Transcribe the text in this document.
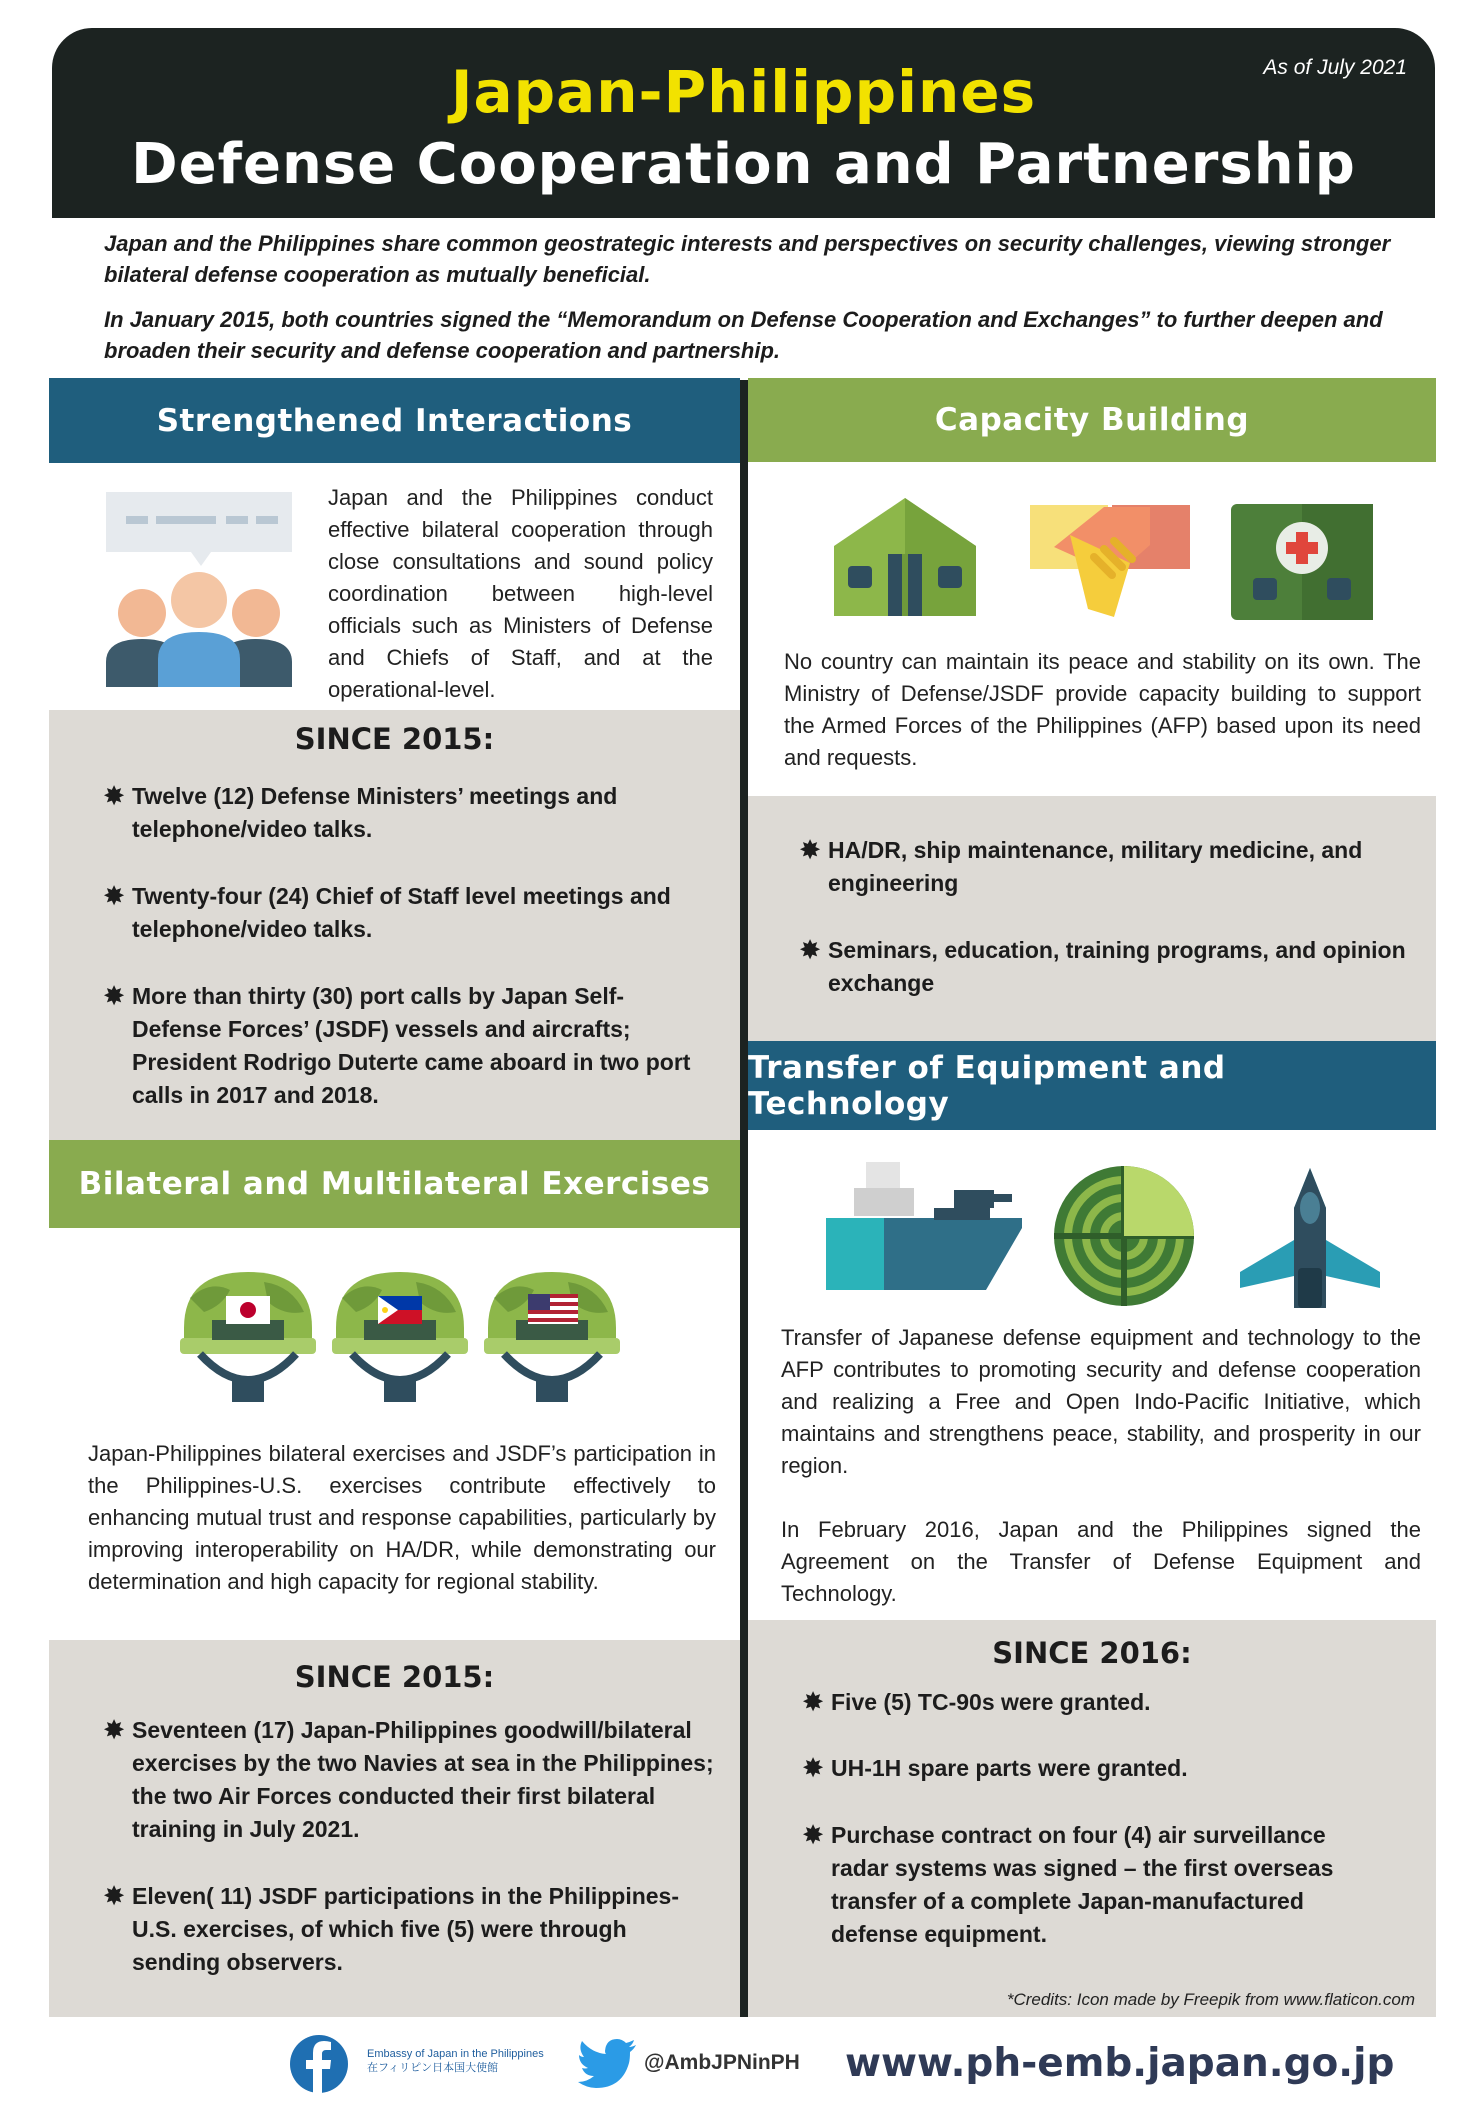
As of July 2021
Japan-Philippines
Defense Cooperation and Partnership
Japan and the Philippines share common geostrategic interests and perspectives on security challenges, viewing stronger bilateral defense cooperation as mutually beneficial.
In January 2015, both countries signed the “Memorandum on Defense Cooperation and Exchanges” to further deepen and broaden their security and defense cooperation and partnership.
Strengthened Interactions
Japan and the Philippines conduct effective bilateral cooperation through close consultations and sound policy coordination between high-level officials such as Ministers of Defense and Chiefs of Staff, and at the operational-level.
SINCE 2015:
✸ Twelve (12) Defense Ministers’ meetings and telephone/video talks.
✸ Twenty-four (24) Chief of Staff level meetings and telephone/video talks.
✸ More than thirty (30) port calls by Japan Self-Defense Forces’ (JSDF) vessels and aircrafts; President Rodrigo Duterte came aboard in two port calls in 2017 and 2018.
Bilateral and Multilateral Exercises
Japan-Philippines bilateral exercises and JSDF’s participation in the Philippines-U.S. exercises contribute effectively to enhancing mutual trust and response capabilities, particularly by improving interoperability on HA/DR, while demonstrating our determination and high capacity for regional stability.
SINCE 2015:
✸ Seventeen (17) Japan-Philippines goodwill/bilateral exercises by the two Navies at sea in the Philippines; the two Air Forces conducted their first bilateral training in July 2021.
✸ Eleven( 11) JSDF participations in the Philippines-U.S. exercises, of which five (5) were through sending observers.
Capacity Building
No country can maintain its peace and stability on its own. The Ministry of Defense/JSDF provide capacity building to support the Armed Forces of the Philippines (AFP) based upon its need and requests.
✸ HA/DR, ship maintenance, military medicine, and engineering
✸ Seminars, education, training programs, and opinion exchange
Transfer of Equipment and Technology
Transfer of Japanese defense equipment and technology to the AFP contributes to promoting security and defense cooperation and realizing a Free and Open Indo-Pacific Initiative, which maintains and strengthens peace, stability, and prosperity in our region.
In February 2016, Japan and the Philippines signed the Agreement on the Transfer of Defense Equipment and Technology.
SINCE 2016:
✸ Five (5) TC-90s were granted.
✸ UH-1H spare parts were granted.
✸ Purchase contract on four (4) air surveillance radar systems was signed – the first overseas transfer of a complete Japan-manufactured defense equipment.
*Credits: Icon made by Freepik from www.flaticon.com
Embassy of Japan in the Philippines
在フィリピン日本国大使館	@AmbJPNinPH www.ph-emb.japan.go.jp
